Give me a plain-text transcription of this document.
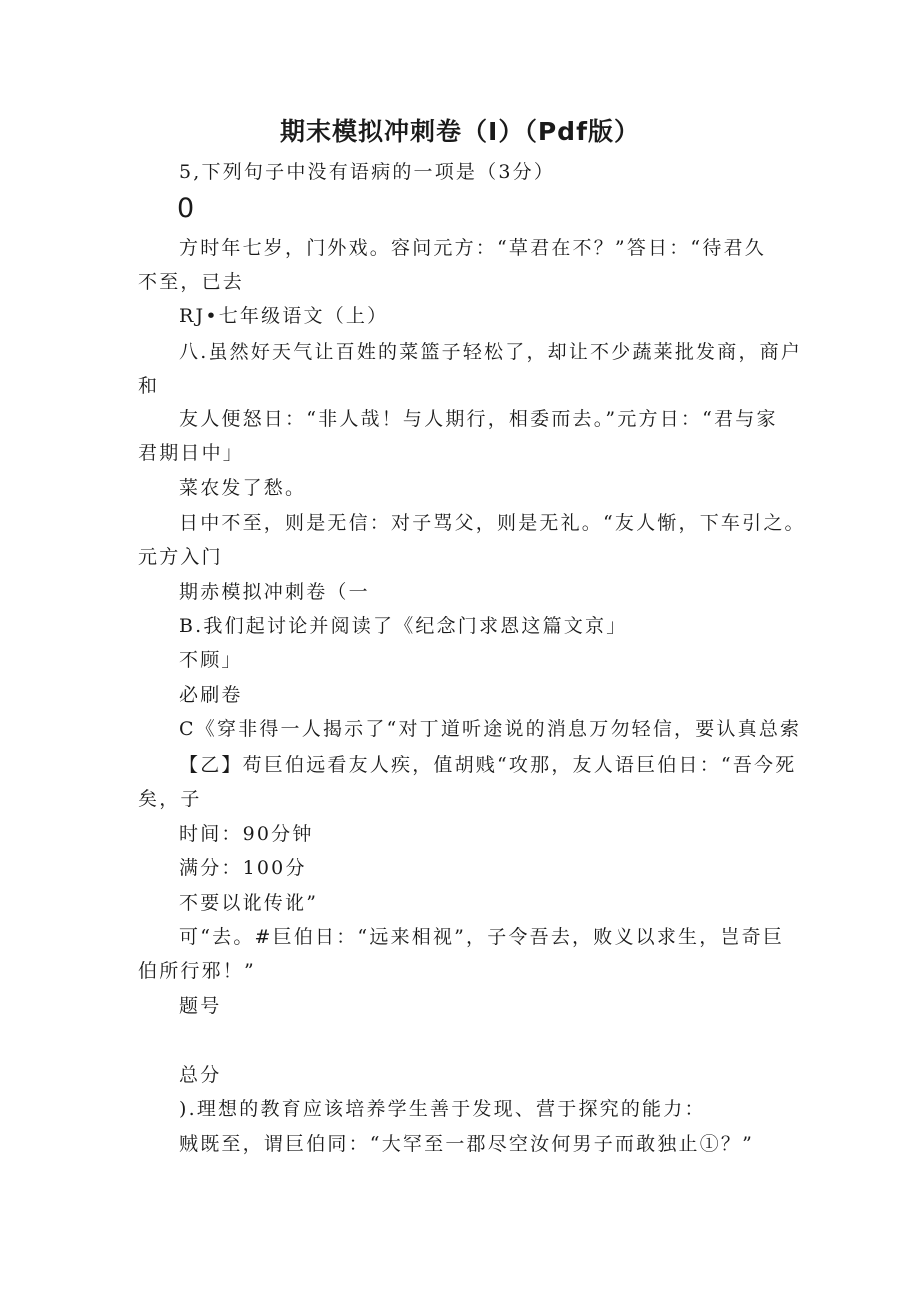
期末模拟冲刺卷（I）（Pdf版）
5,下列句子中没有语病的一项是（3分）
0
方时年七岁，门外戏。容问元方：“草君在不？”答日：“待君久
不至，已去
RJ•七年级语文（上）
八.虽然好天气让百姓的菜篮子轻松了，却让不少蔬莱批发商，商户
和
友人便怒日：“非人哉！与人期行，相委而去。”元方日：“君与家
君期日中」
菜农发了愁。
日中不至，则是无信：对子骂父，则是无礼。“友人惭，下车引之。
元方入门
期赤模拟冲刺卷（一
B.我们起讨论并阅读了《纪念门求恩这篇文京」
不顾」
必刷卷
C《穿非得一人揭示了“对丁道听途说的消息万勿轻信，要认真总索
【乙】苟巨伯远看友人疾，值胡贱“攻那，友人语巨伯日：“吾今死
矣，子
时间：90分钟
满分：100分
不要以讹传讹”
可“去。#巨伯日：“远来相视”，子令吾去，败义以求生，岂奇巨
伯所行邪！”
题号
总分
).理想的教育应该培养学生善于发现、营于探究的能力：
贼既至，谓巨伯同：“大罕至一郡尽空汝何男子而敢独止①？”
